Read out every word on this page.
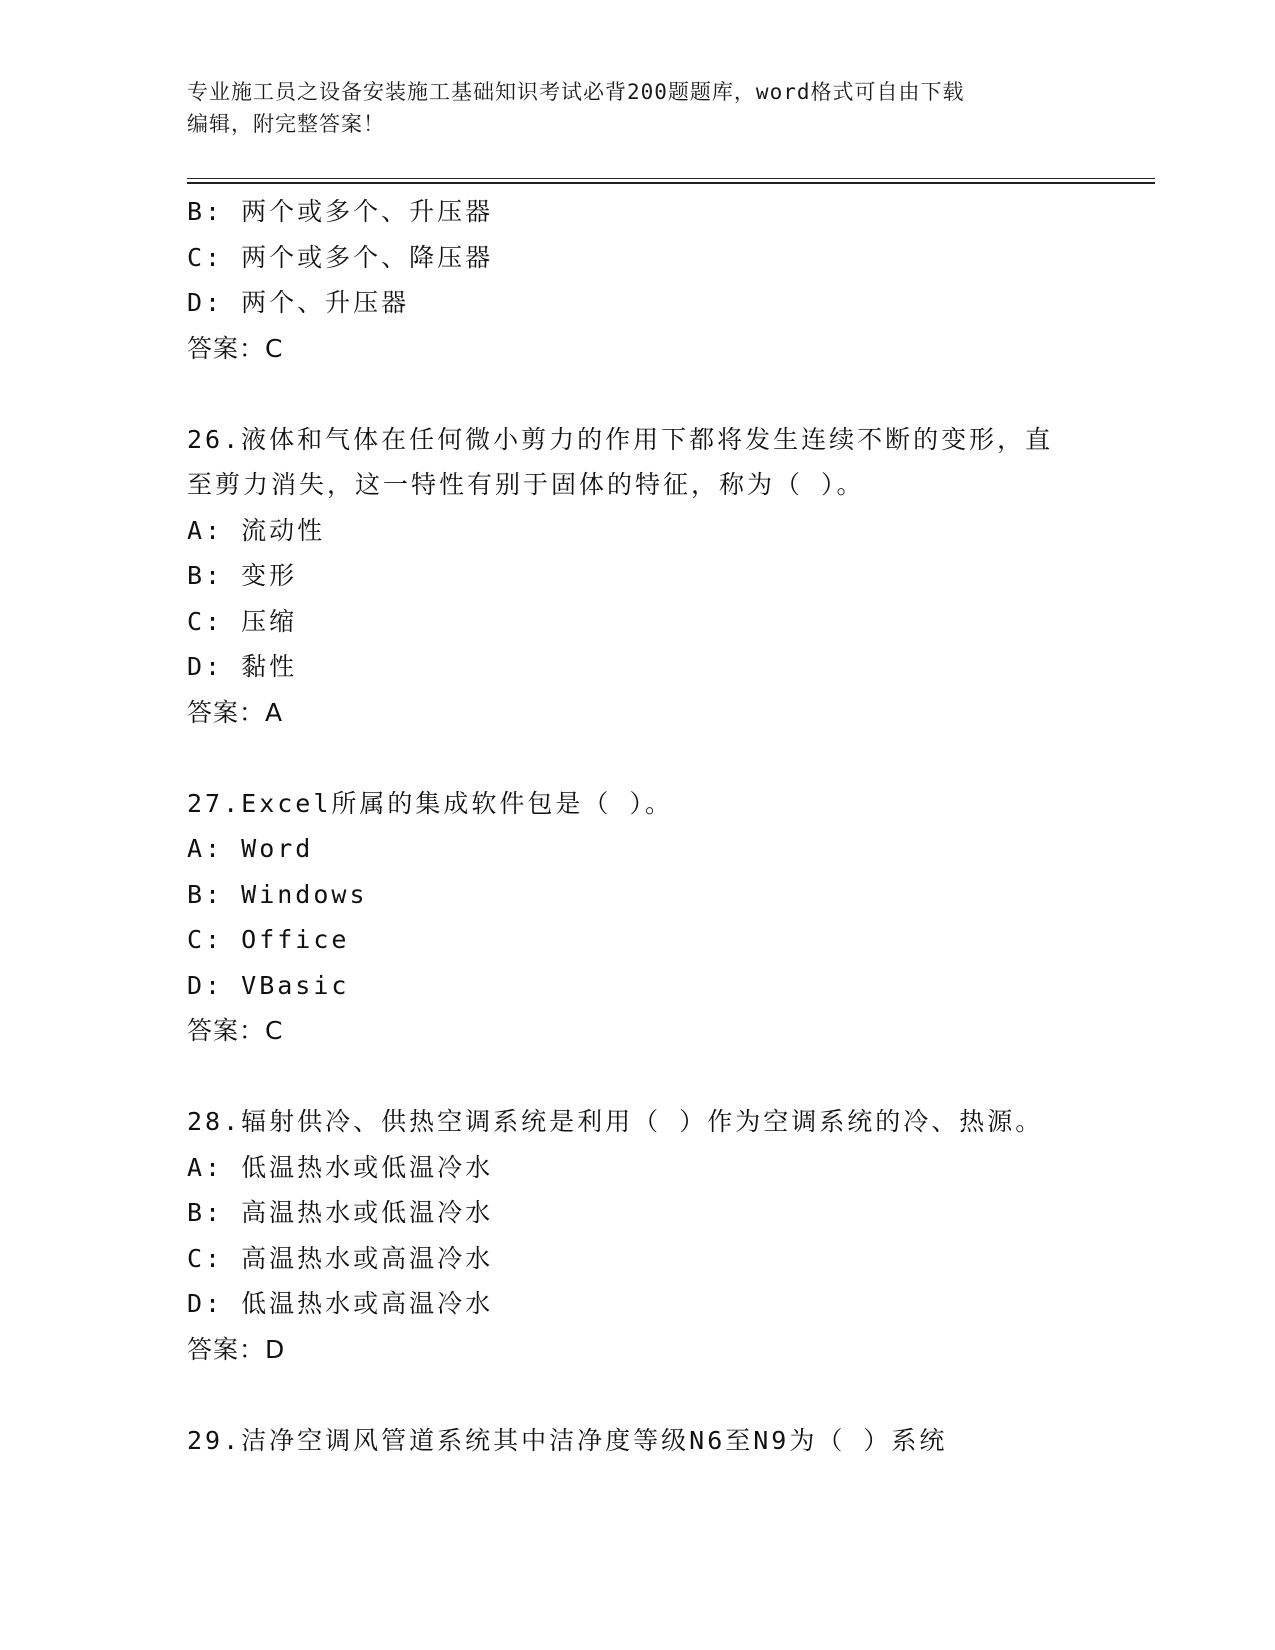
专业施工员之设备安装施工基础知识考试必背200题题库，word格式可自由下载
编辑，附完整答案！
B: 两个或多个、升压器
C: 两个或多个、降压器
D: 两个、升压器
答案：C
26.液体和气体在任何微小剪力的作用下都将发生连续不断的变形，直
至剪力消失，这一特性有别于固体的特征，称为（ ）。
A: 流动性
B: 变形
C: 压缩
D: 黏性
答案：A
27.Excel所属的集成软件包是（ ）。
A: Word
B: Windows
C: Office
D: VBasic
答案：C
28.辐射供冷、供热空调系统是利用（ ）作为空调系统的冷、热源。
A: 低温热水或低温冷水
B: 高温热水或低温冷水
C: 高温热水或高温冷水
D: 低温热水或高温冷水
答案：D
29.洁净空调风管道系统其中洁净度等级N6至N9为（ ）系统
